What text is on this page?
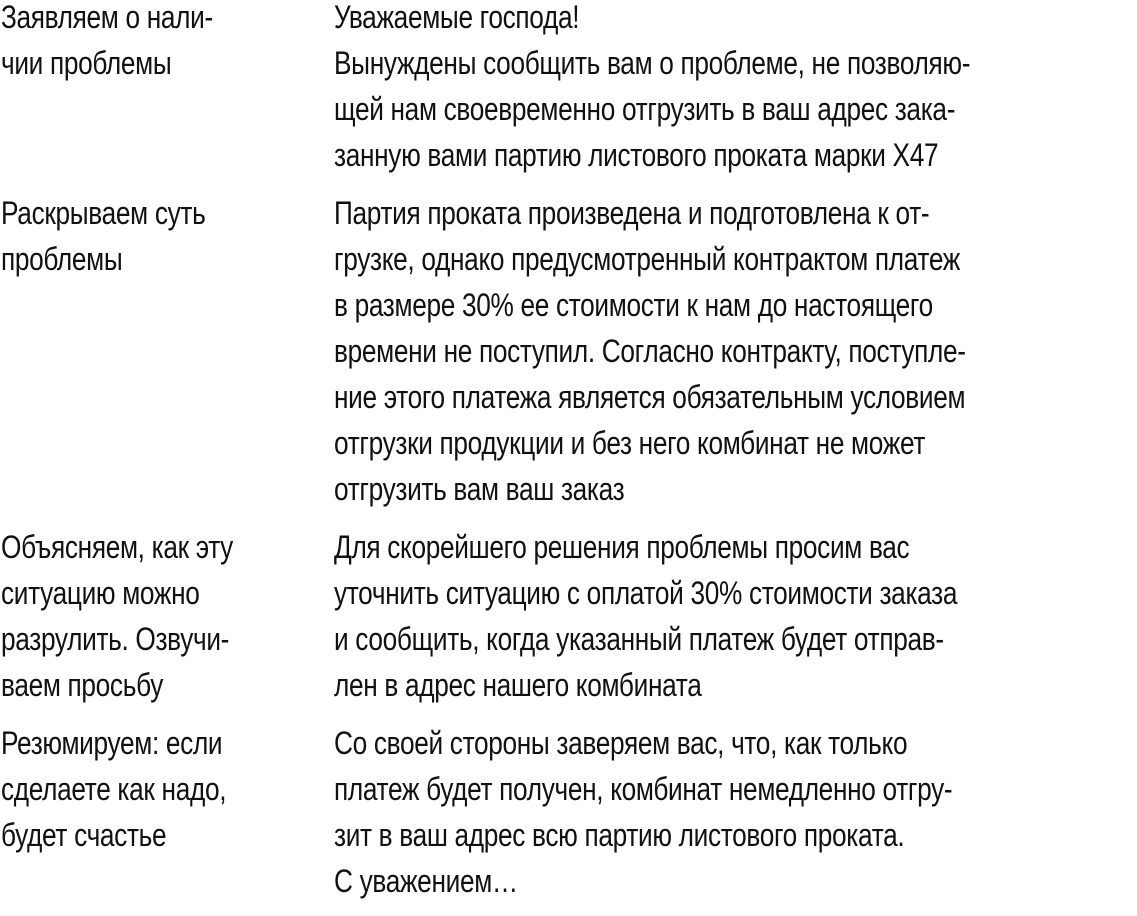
Заявляем о нали-
чии проблемы
Уважаемые господа!
Вынуждены сообщить вам о проблеме, не позволяю-
щей нам своевременно отгрузить в ваш адрес зака-
занную вами партию листового проката марки Х47
Раскрываем суть
проблемы
Партия проката произведена и подготовлена к от-
грузке, однако предусмотренный контрактом платеж
в размере 30% ее стоимости к нам до настоящего
времени не поступил. Согласно контракту, поступле-
ние этого платежа является обязательным условием
отгрузки продукции и без него комбинат не может
отгрузить вам ваш заказ
Объясняем, как эту
ситуацию можно
разрулить. Озвучи-
ваем просьбу
Для скорейшего решения проблемы просим вас
уточнить ситуацию с оплатой 30% стоимости заказа
и сообщить, когда указанный платеж будет отправ-
лен в адрес нашего комбината
Резюмируем: если
сделаете как надо,
будет счастье
Со своей стороны заверяем вас, что, как только
платеж будет получен, комбинат немедленно отгру-
зит в ваш адрес всю партию листового проката.
С уважением…
